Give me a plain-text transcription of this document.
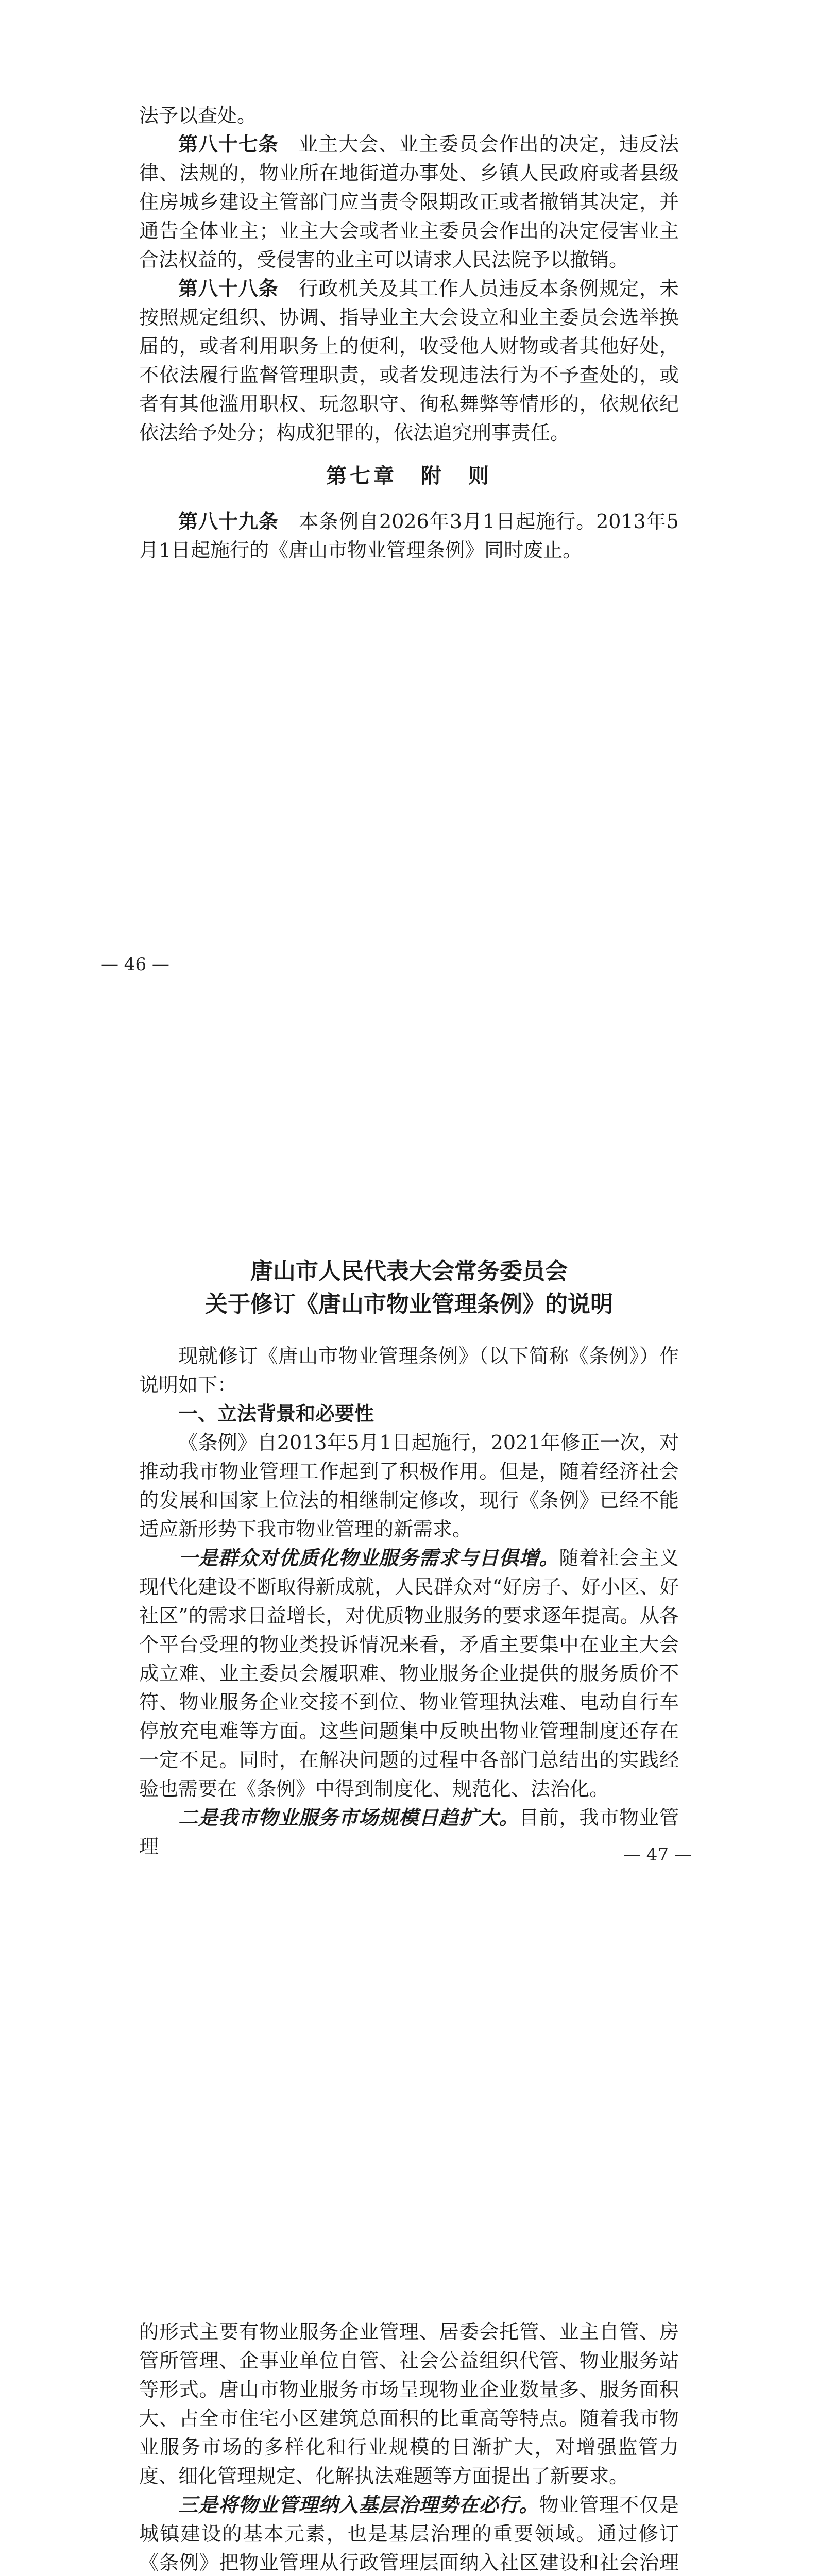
法予以查处。

第八十七条　业主大会、业主委员会作出的决定，违反法律、法规的，物业所在地街道办事处、乡镇人民政府或者县级住房城乡建设主管部门应当责令限期改正或者撤销其决定，并通告全体业主；业主大会或者业主委员会作出的决定侵害业主合法权益的，受侵害的业主可以请求人民法院予以撤销。

第八十八条　行政机关及其工作人员违反本条例规定，未按照规定组织、协调、指导业主大会设立和业主委员会选举换届的，或者利用职务上的便利，收受他人财物或者其他好处，不依法履行监督管理职责，或者发现违法行为不予查处的，或者有其他滥用职权、玩忽职守、徇私舞弊等情形的，依规依纪依法给予处分；构成犯罪的，依法追究刑事责任。

第七章　附　则

第八十九条　本条例自2026年3月1日起施行。2013年5月1日起施行的《唐山市物业管理条例》同时废止。

— 46 —

唐山市人民代表大会常务委员会

关于修订《唐山市物业管理条例》的说明

现就修订《唐山市物业管理条例》（以下简称《条例》）作说明如下：

一、立法背景和必要性

《条例》自2013年5月1日起施行，2021年修正一次，对推动我市物业管理工作起到了积极作用。但是，随着经济社会的发展和国家上位法的相继制定修改，现行《条例》已经不能适应新形势下我市物业管理的新需求。

一是群众对优质化物业服务需求与日俱增。随着社会主义现代化建设不断取得新成就，人民群众对“好房子、好小区、好社区”的需求日益增长，对优质物业服务的要求逐年提高。从各个平台受理的物业类投诉情况来看，矛盾主要集中在业主大会成立难、业主委员会履职难、物业服务企业提供的服务质价不符、物业服务企业交接不到位、物业管理执法难、电动自行车停放充电难等方面。这些问题集中反映出物业管理制度还存在一定不足。同时，在解决问题的过程中各部门总结出的实践经验也需要在《条例》中得到制度化、规范化、法治化。

二是我市物业服务市场规模日趋扩大。目前，我市物业管理	— 47 —

的形式主要有物业服务企业管理、居委会托管、业主自管、房管所管理、企事业单位自管、社会公益组织代管、物业服务站等形式。唐山市物业服务市场呈现物业企业数量多、服务面积大、占全市住宅小区建筑总面积的比重高等特点。随着我市物业服务市场的多样化和行业规模的日渐扩大，对增强监管力度、细化管理规定、化解执法难题等方面提出了新要求。

三是将物业管理纳入基层治理势在必行。物业管理不仅是城镇建设的基本元素，也是基层治理的重要领域。通过修订《条例》把物业管理从行政管理层面纳入社区建设和社会治理
